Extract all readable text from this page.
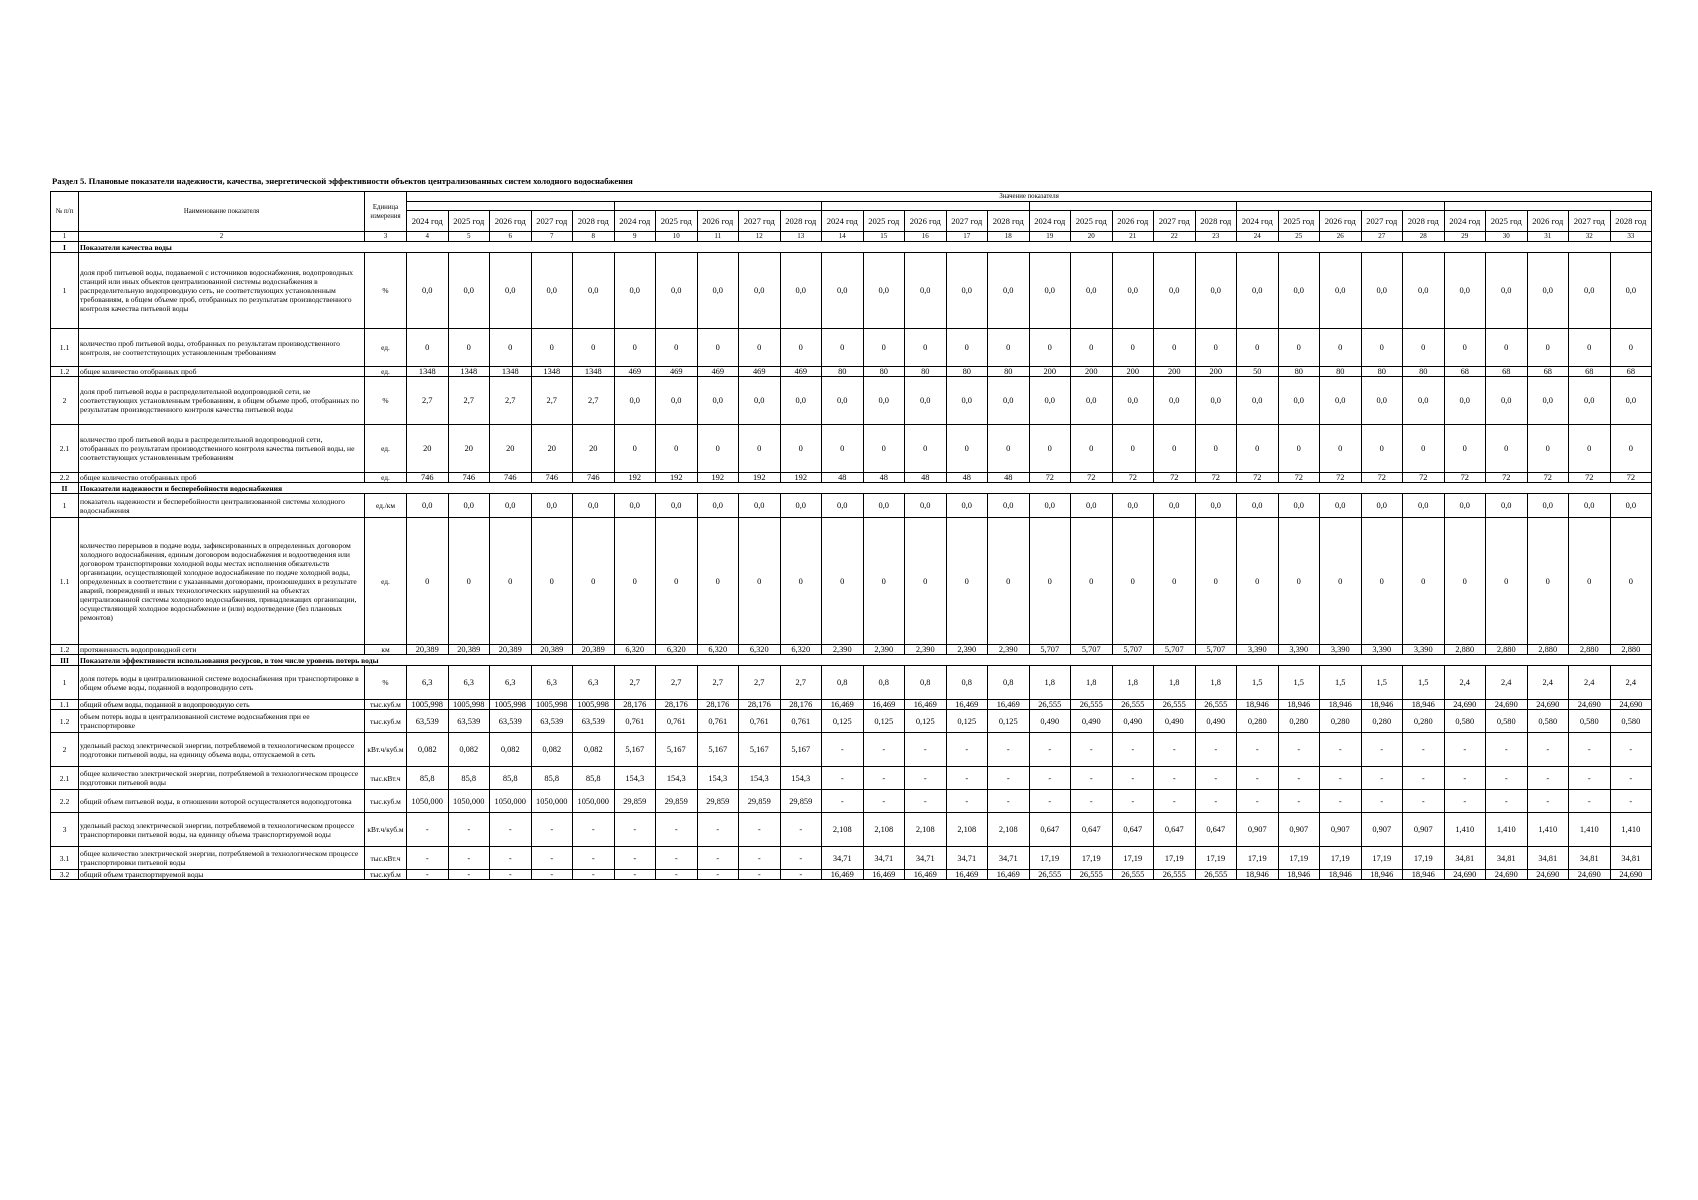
Раздел 5. Плановые показатели надежности, качества, энергетической эффективности объектов централизованных систем холодного водоснабжения
№ п/п	Наименование показателя	Единица измерения	Значение показателя																													

			2024 год	2025 год	2026 год	2027 год	2028 год	2024 год	2025 год	2026 год	2027 год	2028 год	2024 год	2025 год	2026 год	2027 год	2028 год	2024 год	2025 год	2026 год	2027 год	2028 год	2024 год	2025 год	2026 год	2027 год	2028 год	2024 год	2025 год	2026 год	2027 год	2028 год
1	2	3	4	5	6	7	8	9	10	11	12	13	14	15	16	17	18	19	20	21	22	23	24	25	26	27	28	29	30	31	32	33
I	Показатели качества воды																															
1	доля проб питьевой воды, подаваемой с источников водоснабжения, водопроводных станций или иных объектов централизованной системы водоснабжения в распределительную водопроводную сеть, не соответствующих установленным требованиям, в общем объеме проб, отобранных по результатам производственного контроля качества питьевой воды	%	0,0	0,0	0,0	0,0	0,0	0,0	0,0	0,0	0,0	0,0	0,0	0,0	0,0	0,0	0,0	0,0	0,0	0,0	0,0	0,0	0,0	0,0	0,0	0,0	0,0	0,0	0,0	0,0	0,0	0,0
1.1	количество проб питьевой воды, отобранных по результатам производственного контроля, не соответствующих установленным требованиям	ед.	0	0	0	0	0	0	0	0	0	0	0	0	0	0	0	0	0	0	0	0	0	0	0	0	0	0	0	0	0	0
1.2	общее количество отобранных проб	ед.	1348	1348	1348	1348	1348	469	469	469	469	469	80	80	80	80	80	200	200	200	200	200	50	80	80	80	80	68	68	68	68	68
2	доля проб питьевой воды в распределительной водопроводной сети, не соответствующих установленным требованиям, в общем объеме проб, отобранных по результатам производственного контроля качества питьевой воды	%	2,7	2,7	2,7	2,7	2,7	0,0	0,0	0,0	0,0	0,0	0,0	0,0	0,0	0,0	0,0	0,0	0,0	0,0	0,0	0,0	0,0	0,0	0,0	0,0	0,0	0,0	0,0	0,0	0,0	0,0
2.1	количество проб питьевой воды в распределительной водопроводной сети, отобранных по результатам производственного контроля качества питьевой воды, не соответствующих установленным требованиям	ед.	20	20	20	20	20	0	0	0	0	0	0	0	0	0	0	0	0	0	0	0	0	0	0	0	0	0	0	0	0	0
2.2	общее количество отобранных проб	ед.	746	746	746	746	746	192	192	192	192	192	48	48	48	48	48	72	72	72	72	72	72	72	72	72	72	72	72	72	72	72
II	Показатели надежности и бесперебойности водоснабжения																															
1	показатель надежности и бесперебойности централизованной системы холодного водоснабжения	ед./км	0,0	0,0	0,0	0,0	0,0	0,0	0,0	0,0	0,0	0,0	0,0	0,0	0,0	0,0	0,0	0,0	0,0	0,0	0,0	0,0	0,0	0,0	0,0	0,0	0,0	0,0	0,0	0,0	0,0	0,0
1.1	количество перерывов в подаче воды, зафиксированных в определенных договором холодного водоснабжения, единым договором водоснабжения и водоотведения или договором транспортировки холодной воды местах исполнения обязательств организации, осуществляющей холодное водоснабжение по подаче холодной воды, определенных в соответствии с указанными договорами, произошедших в результате аварий, повреждений и иных технологических нарушений на объектах централизованной системы холодного водоснабжения, принадлежащих организации, осуществляющей холодное водоснабжение и (или) водоотведение (без плановых ремонтов)	ед.	0	0	0	0	0	0	0	0	0	0	0	0	0	0	0	0	0	0	0	0	0	0	0	0	0	0	0	0	0	0
1.2	протяженность водопроводной сети	км	20,389	20,389	20,389	20,389	20,389	6,320	6,320	6,320	6,320	6,320	2,390	2,390	2,390	2,390	2,390	5,707	5,707	5,707	5,707	5,707	3,390	3,390	3,390	3,390	3,390	2,880	2,880	2,880	2,880	2,880
III	Показатели эффективности использования ресурсов, в том числе уровень потерь воды																															
1	доля потерь воды в централизованной системе водоснабжения при транспортировке в общем объеме воды, поданной в водопроводную сеть	%	6,3	6,3	6,3	6,3	6,3	2,7	2,7	2,7	2,7	2,7	0,8	0,8	0,8	0,8	0,8	1,8	1,8	1,8	1,8	1,8	1,5	1,5	1,5	1,5	1,5	2,4	2,4	2,4	2,4	2,4
1.1	общий объем воды, поданной в водопроводную сеть	тыс.куб.м	1005,998	1005,998	1005,998	1005,998	1005,998	28,176	28,176	28,176	28,176	28,176	16,469	16,469	16,469	16,469	16,469	26,555	26,555	26,555	26,555	26,555	18,946	18,946	18,946	18,946	18,946	24,690	24,690	24,690	24,690	24,690
1.2	объем потерь воды в централизованной системе водоснабжения при ее транспортировке	тыс.куб.м	63,539	63,539	63,539	63,539	63,539	0,761	0,761	0,761	0,761	0,761	0,125	0,125	0,125	0,125	0,125	0,490	0,490	0,490	0,490	0,490	0,280	0,280	0,280	0,280	0,280	0,580	0,580	0,580	0,580	0,580
2	удельный расход электрической энергии, потребляемой в технологическом процессе подготовки питьевой воды, на единицу объема воды, отпускаемой в сеть	кВт.ч/куб.м	0,082	0,082	0,082	0,082	0,082	5,167	5,167	5,167	5,167	5,167	-	-	-	-	-	-	-	-	-	-	-	-	-	-	-	-	-	-	-	-
2.1	общее количество электрической энергии, потребляемой в технологическом процессе подготовки питьевой воды	тыс.кВт.ч	85,8	85,8	85,8	85,8	85,8	154,3	154,3	154,3	154,3	154,3	-	-	-	-	-	-	-	-	-	-	-	-	-	-	-	-	-	-	-	-
2.2	общий объем питьевой воды, в отношении которой осуществляется водоподготовка	тыс.куб.м	1050,000	1050,000	1050,000	1050,000	1050,000	29,859	29,859	29,859	29,859	29,859	-	-	-	-	-	-	-	-	-	-	-	-	-	-	-	-	-	-	-	-
3	удельный расход электрической энергии, потребляемой в технологическом процессе транспортировки питьевой воды, на единицу объема транспортируемой воды	кВт.ч/куб.м	-	-	-	-	-	-	-	-	-	-	2,108	2,108	2,108	2,108	2,108	0,647	0,647	0,647	0,647	0,647	0,907	0,907	0,907	0,907	0,907	1,410	1,410	1,410	1,410	1,410
3.1	общее количество электрической энергии, потребляемой в технологическом процессе транспортировки питьевой воды	тыс.кВт.ч	-	-	-	-	-	-	-	-	-	-	34,71	34,71	34,71	34,71	34,71	17,19	17,19	17,19	17,19	17,19	17,19	17,19	17,19	17,19	17,19	34,81	34,81	34,81	34,81	34,81
3.2	общий объем транспортируемой воды	тыс.куб.м	-	-	-	-	-	-	-	-	-	-	16,469	16,469	16,469	16,469	16,469	26,555	26,555	26,555	26,555	26,555	18,946	18,946	18,946	18,946	18,946	24,690	24,690	24,690	24,690	24,690
